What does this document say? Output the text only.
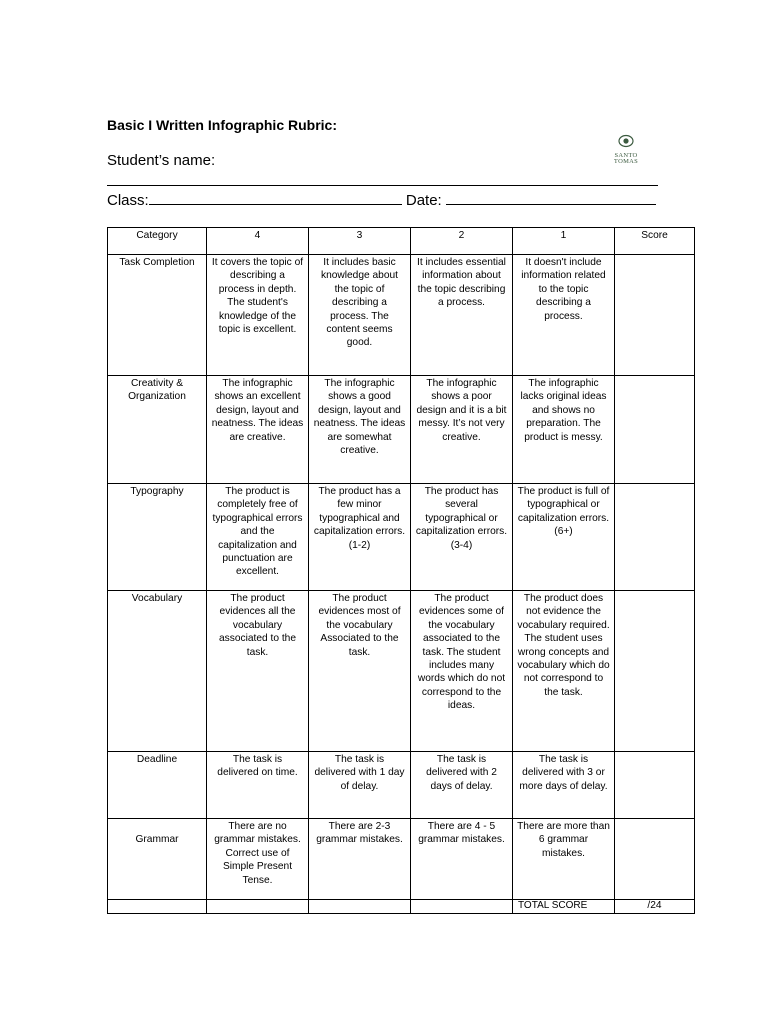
Basic I Written Infographic Rubric:
SANTO
TOMAS
Student’s name:
Class:	Date:
Category	4	3	2	1	Score
Task Completion	It covers the topic of describing a process in depth. The student's knowledge of the topic is excellent.	It includes basic knowledge about the topic of describing a process. The content seems good.	It includes essential information about the topic describing a process.	It doesn't include information related to the topic describing a process.	
Creativity & Organization	The infographic shows an excellent design, layout and neatness. The ideas are creative.	The infographic shows a good design, layout and neatness. The ideas are somewhat creative.	The infographic shows a poor design and it is a bit messy. It’s not very creative.	The infographic lacks original ideas and shows no preparation. The product is messy.	
Typography	The product is completely free of typographical errors and the capitalization and punctuation are excellent.	The product has a few minor typographical and capitalization errors. (1-2)	The product has several typographical or capitalization errors. (3-4)	The product is full of typographical or capitalization errors. (6+)	
Vocabulary	The product evidences all the vocabulary associated to the task.	The product evidences most of the vocabulary Associated to the task.	The product evidences some of the vocabulary associated to the task. The student includes many words which do not correspond to the ideas.	The product does not evidence the vocabulary required. The student uses wrong concepts and vocabulary which do not correspond to the task.	
Deadline	The task is delivered on time.	The task is delivered with 1 day of delay.	The task is delivered with 2 days of delay.	The task is delivered with 3 or more days of delay.	
Grammar	There are no grammar mistakes. Correct use of Simple Present Tense.	There are 2-3 grammar mistakes.	There are 4 - 5 grammar mistakes.	There are more than 6 grammar mistakes.	
				TOTAL SCORE	/24
